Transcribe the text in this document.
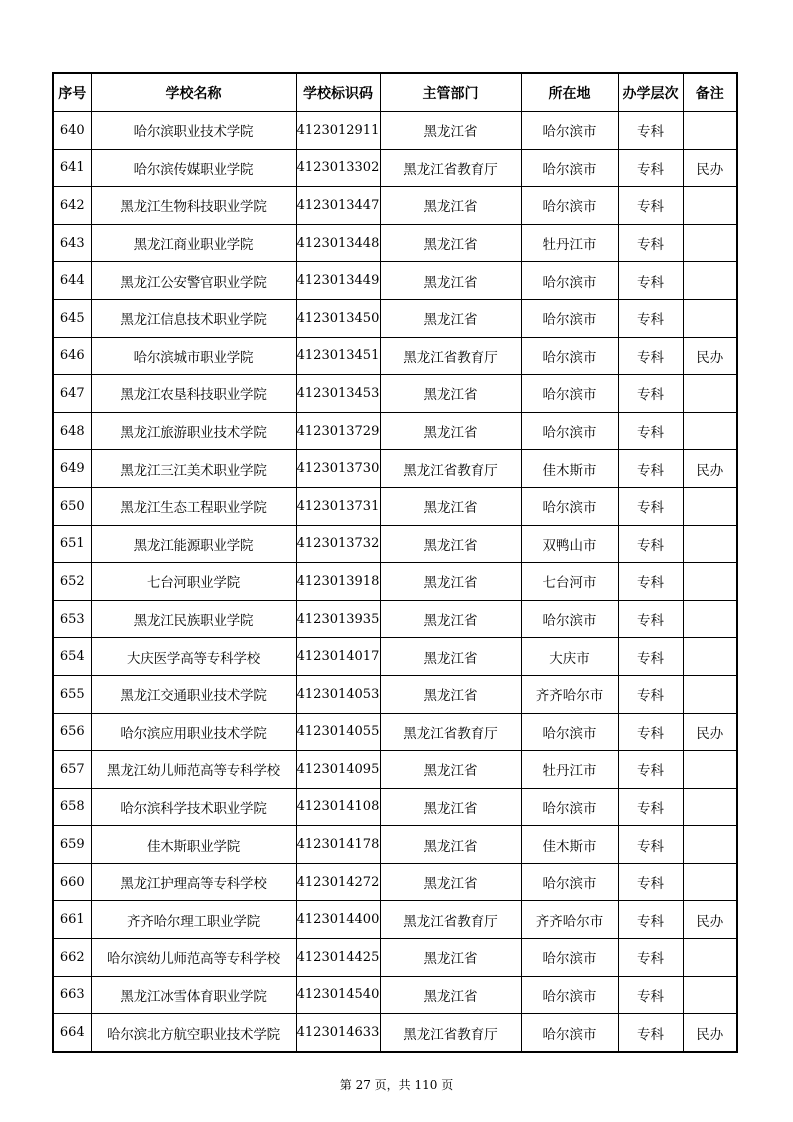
序号	学校名称	学校标识码	主管部门	所在地	办学层次	备注
640	哈尔滨职业技术学院	4123012911	黑龙江省	哈尔滨市	专科	
641	哈尔滨传媒职业学院	4123013302	黑龙江省教育厅	哈尔滨市	专科	民办
642	黑龙江生物科技职业学院	4123013447	黑龙江省	哈尔滨市	专科	
643	黑龙江商业职业学院	4123013448	黑龙江省	牡丹江市	专科	
644	黑龙江公安警官职业学院	4123013449	黑龙江省	哈尔滨市	专科	
645	黑龙江信息技术职业学院	4123013450	黑龙江省	哈尔滨市	专科	
646	哈尔滨城市职业学院	4123013451	黑龙江省教育厅	哈尔滨市	专科	民办
647	黑龙江农垦科技职业学院	4123013453	黑龙江省	哈尔滨市	专科	
648	黑龙江旅游职业技术学院	4123013729	黑龙江省	哈尔滨市	专科	
649	黑龙江三江美术职业学院	4123013730	黑龙江省教育厅	佳木斯市	专科	民办
650	黑龙江生态工程职业学院	4123013731	黑龙江省	哈尔滨市	专科	
651	黑龙江能源职业学院	4123013732	黑龙江省	双鸭山市	专科	
652	七台河职业学院	4123013918	黑龙江省	七台河市	专科	
653	黑龙江民族职业学院	4123013935	黑龙江省	哈尔滨市	专科	
654	大庆医学高等专科学校	4123014017	黑龙江省	大庆市	专科	
655	黑龙江交通职业技术学院	4123014053	黑龙江省	齐齐哈尔市	专科	
656	哈尔滨应用职业技术学院	4123014055	黑龙江省教育厅	哈尔滨市	专科	民办
657	黑龙江幼儿师范高等专科学校	4123014095	黑龙江省	牡丹江市	专科	
658	哈尔滨科学技术职业学院	4123014108	黑龙江省	哈尔滨市	专科	
659	佳木斯职业学院	4123014178	黑龙江省	佳木斯市	专科	
660	黑龙江护理高等专科学校	4123014272	黑龙江省	哈尔滨市	专科	
661	齐齐哈尔理工职业学院	4123014400	黑龙江省教育厅	齐齐哈尔市	专科	民办
662	哈尔滨幼儿师范高等专科学校	4123014425	黑龙江省	哈尔滨市	专科	
663	黑龙江冰雪体育职业学院	4123014540	黑龙江省	哈尔滨市	专科	
664	哈尔滨北方航空职业技术学院	4123014633	黑龙江省教育厅	哈尔滨市	专科	民办
第 27 页，共 110 页
